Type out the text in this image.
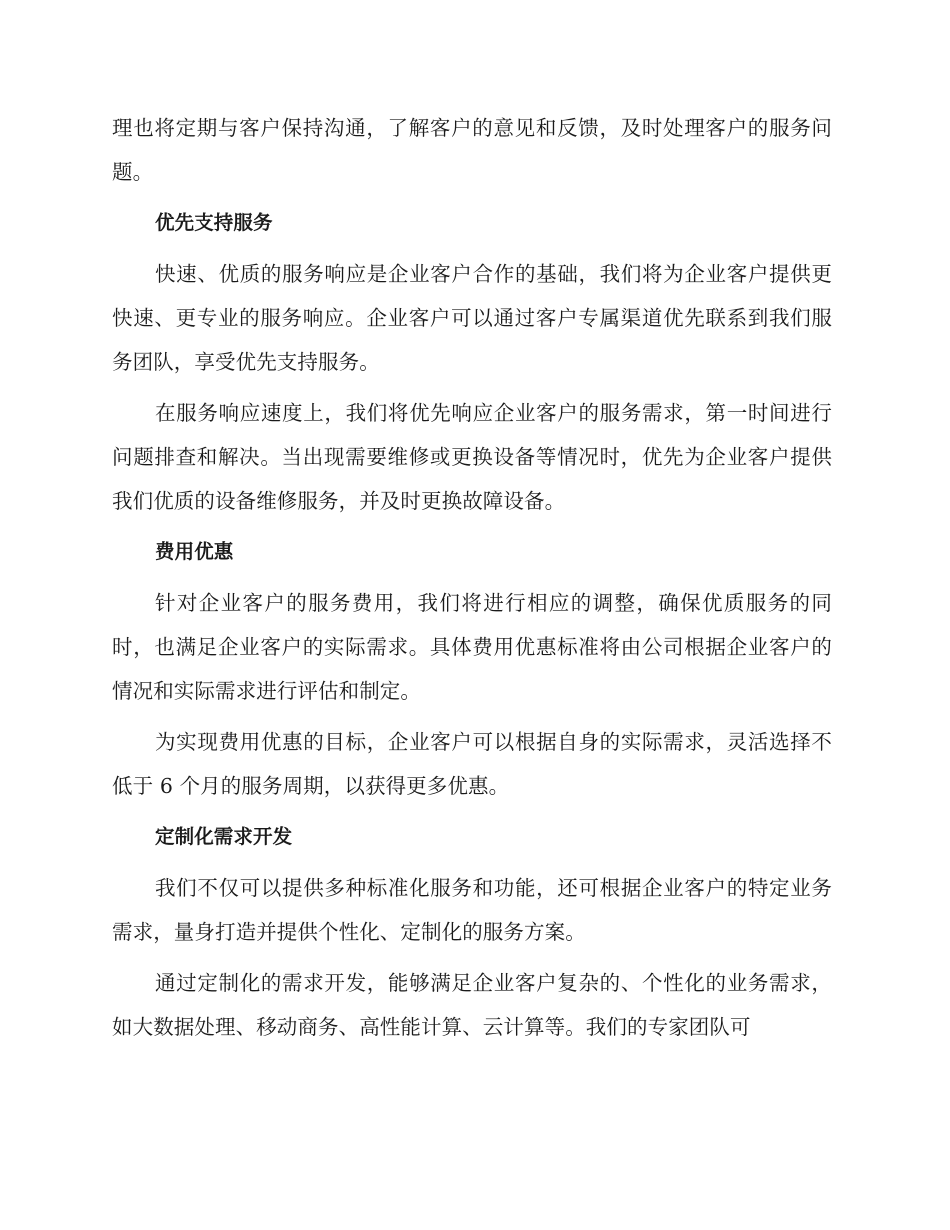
理也将定期与客户保持沟通，了解客户的意见和反馈，及时处理客户的服务问题。

优先支持服务

快速、优质的服务响应是企业客户合作的基础，我们将为企业客户提供更快速、更专业的服务响应。企业客户可以通过客户专属渠道优先联系到我们服务团队，享受优先支持服务。

在服务响应速度上，我们将优先响应企业客户的服务需求，第一时间进行问题排查和解决。当出现需要维修或更换设备等情况时，优先为企业客户提供我们优质的设备维修服务，并及时更换故障设备。

费用优惠

针对企业客户的服务费用，我们将进行相应的调整，确保优质服务的同时，也满足企业客户的实际需求。具体费用优惠标准将由公司根据企业客户的情况和实际需求进行评估和制定。

为实现费用优惠的目标，企业客户可以根据自身的实际需求，灵活选择不低于 6 个月的服务周期，以获得更多优惠。

定制化需求开发

我们不仅可以提供多种标准化服务和功能，还可根据企业客户的特定业务需求，量身打造并提供个性化、定制化的服务方案。

通过定制化的需求开发，能够满足企业客户复杂的、个性化的业务需求，如大数据处理、移动商务、高性能计算、云计算等。我们的专家团队可
